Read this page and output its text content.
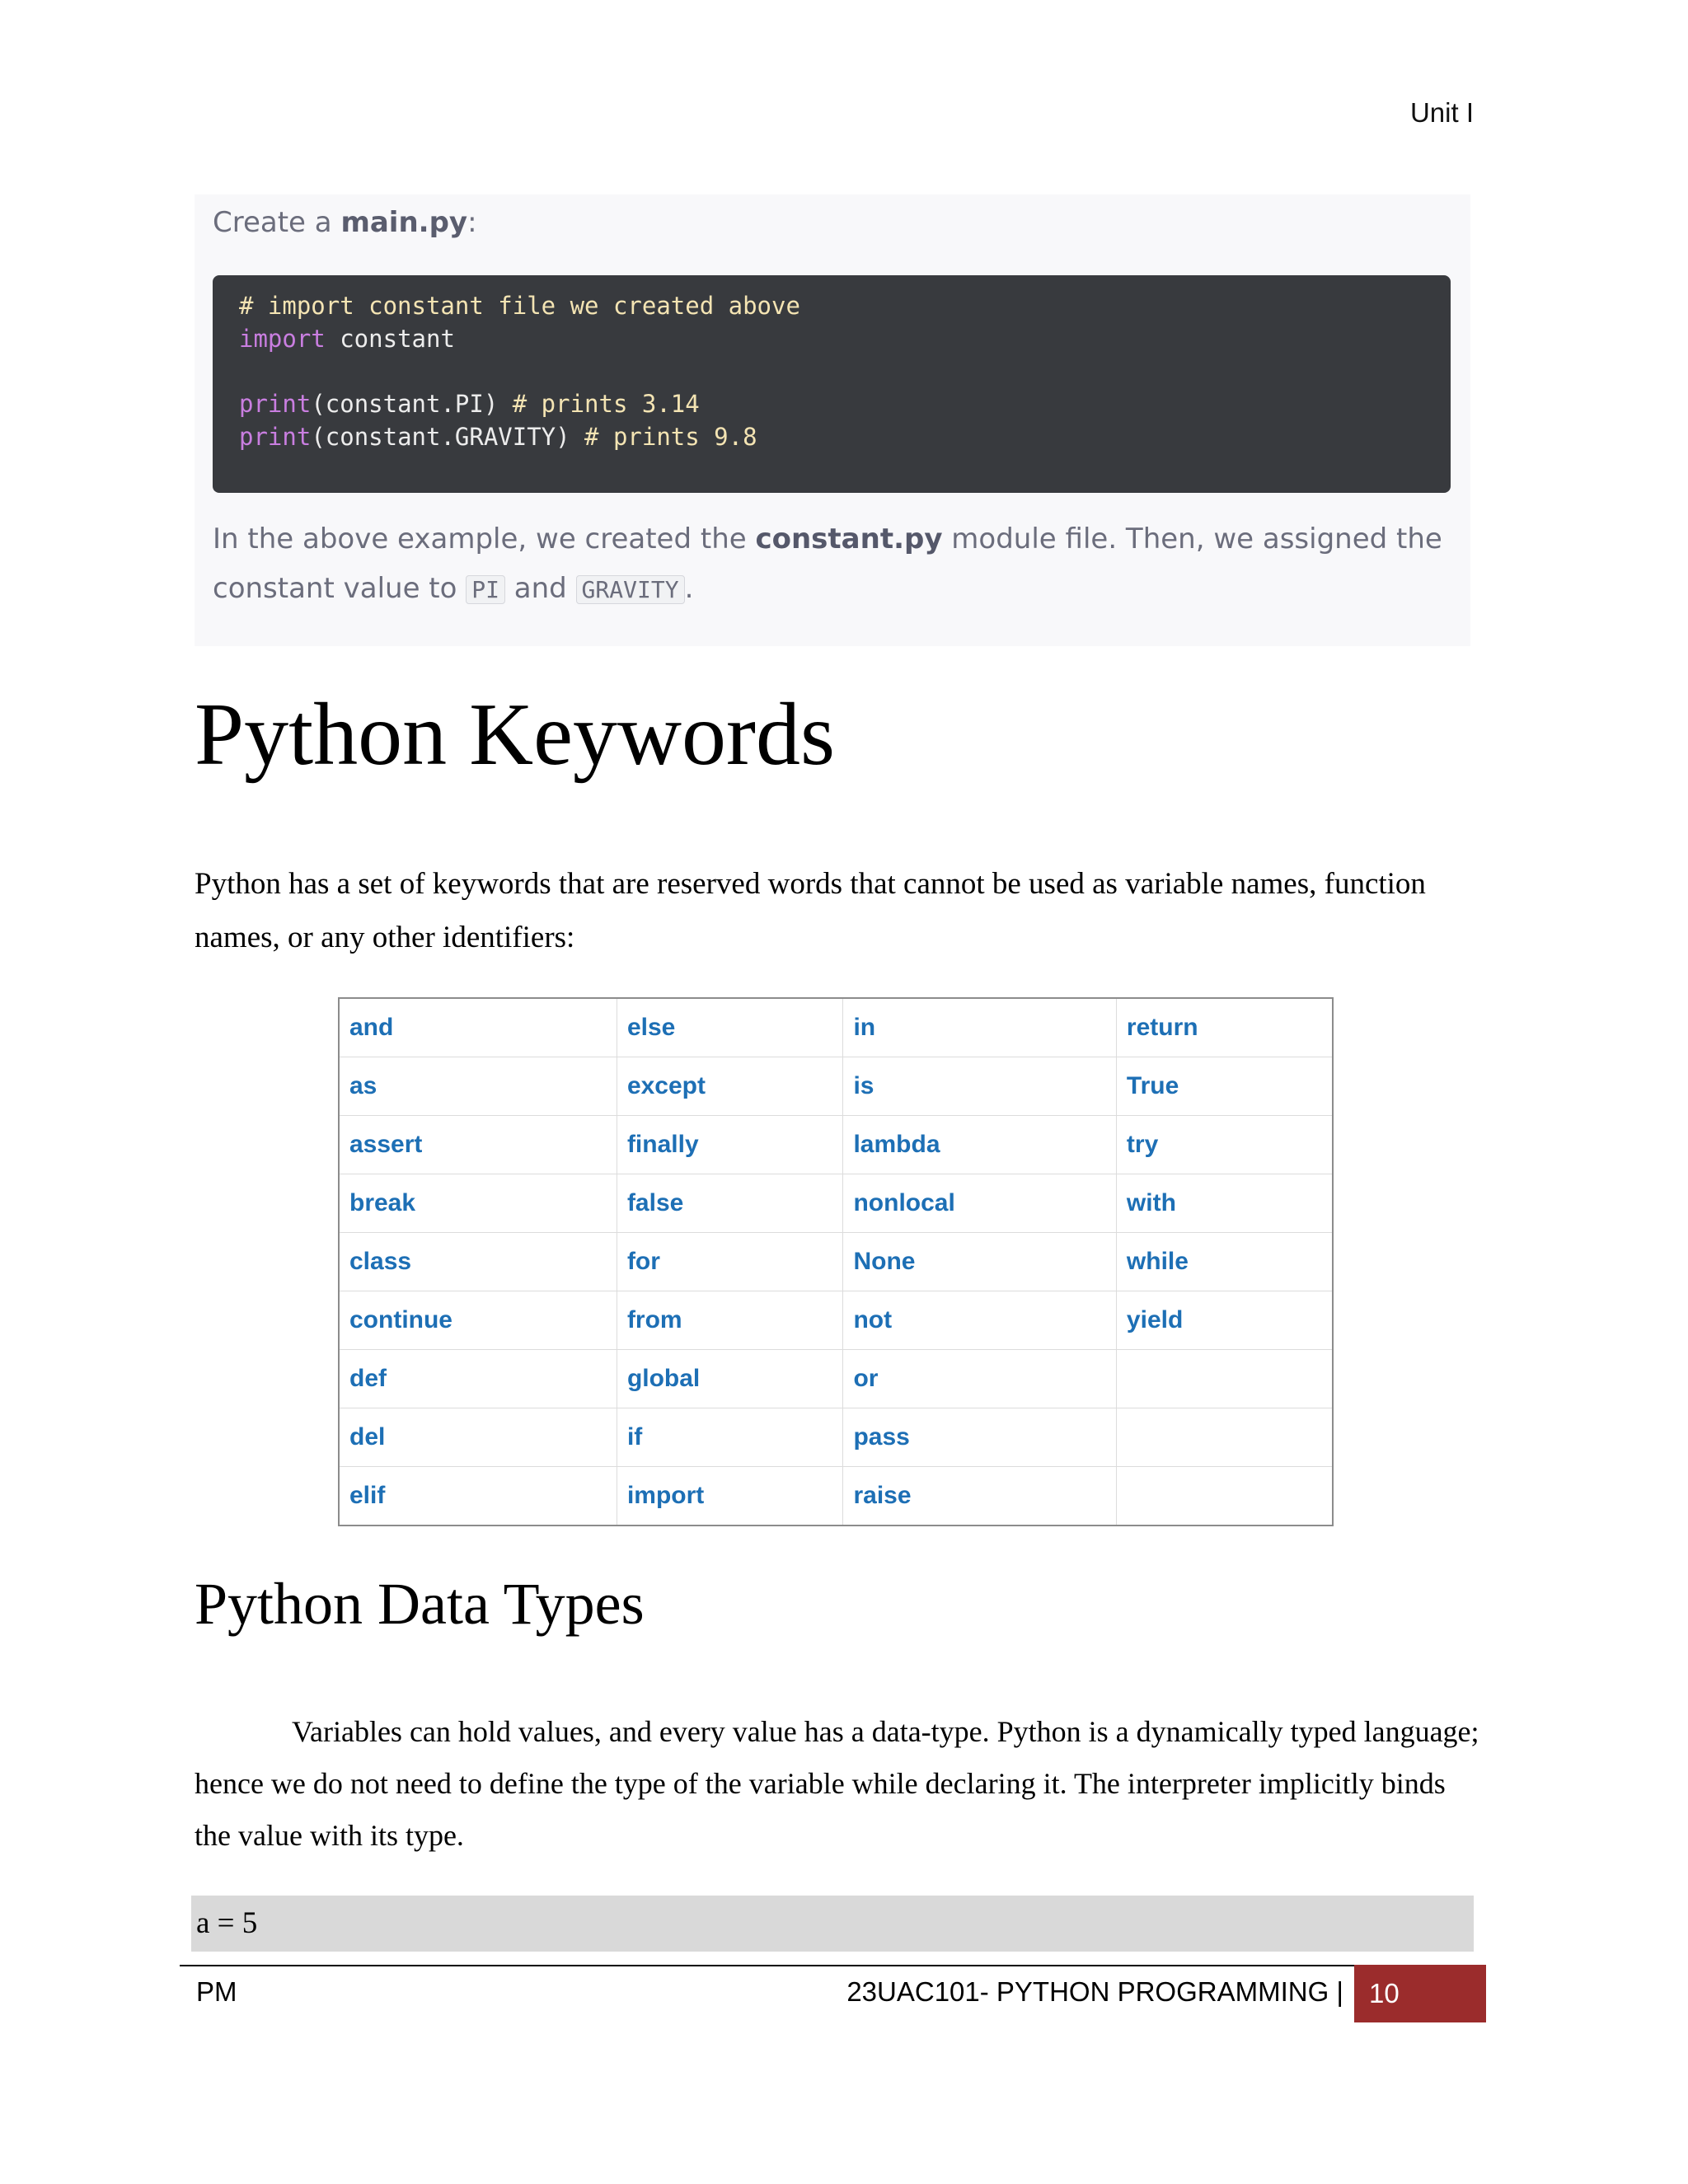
Unit I
Create a main.py:
# import constant file we created above
import constant
print(constant.PI) # prints 3.14
print(constant.GRAVITY) # prints 9.8
In the above example, we created the constant.py module file. Then, we assigned the constant value to PI and GRAVITY .
Python Keywords
Python has a set of keywords that are reserved words that cannot be used as variable names, function names, or any other identifiers:
and	else	in	return
as	except	is	True
assert	finally	lambda	try
break	false	nonlocal	with
class	for	None	while
continue	from	not	yield
def	global	or	
del	if	pass	
elif	import	raise	
Python Data Types
Variables can hold values, and every value has a data-type. Python is a dynamically typed language; hence we do not need to define the type of the variable while declaring it. The interpreter implicitly binds the value with its type.
a = 5
PM	23UAC101- PYTHON PROGRAMMING | 10
